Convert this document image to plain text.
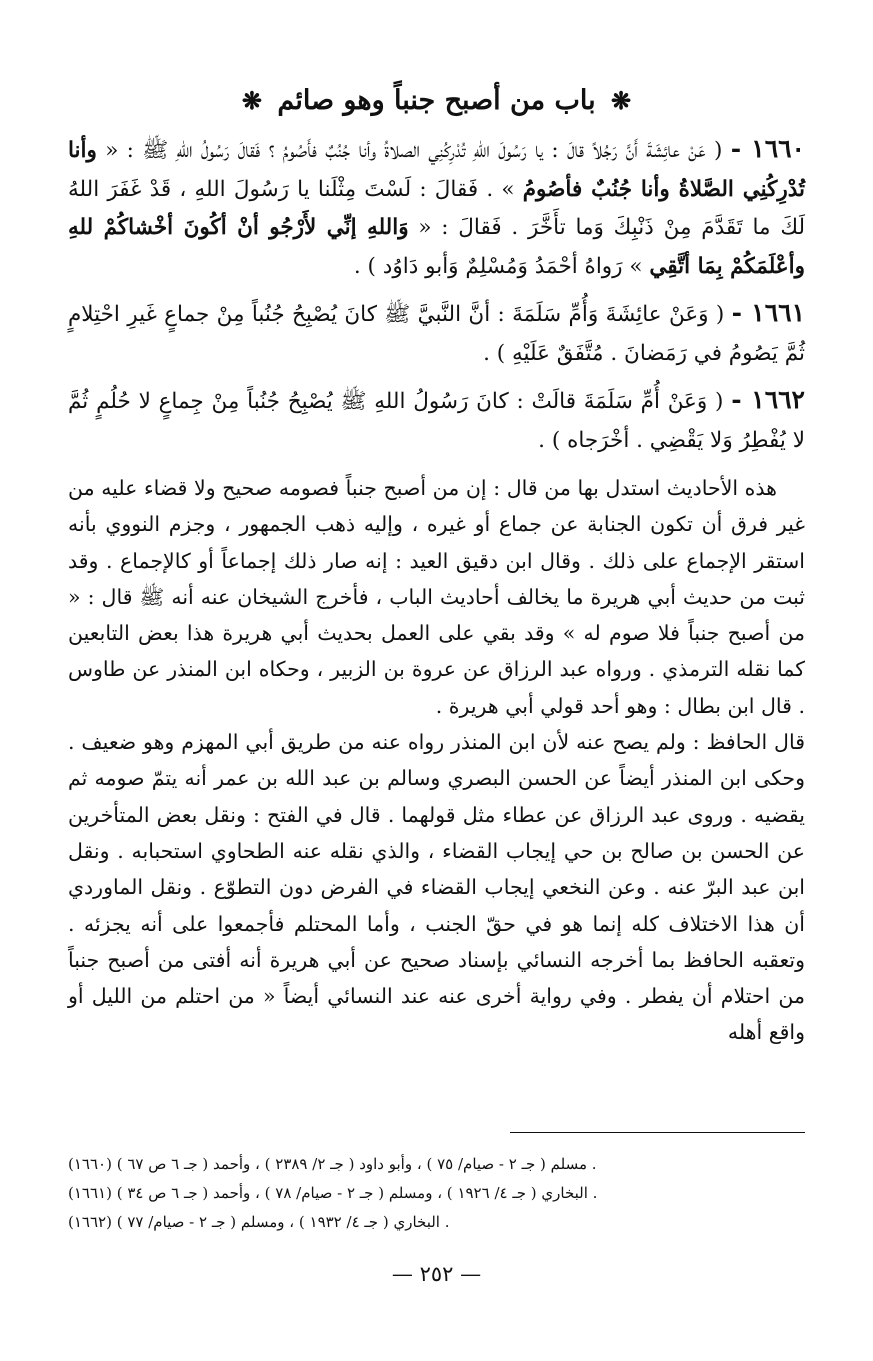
❋ باب من أصبح جنباً وهو صائم ❋

١٦٦٠ - ( عَنْ عائِشَةَ أَنَّ رَجُلاً قالَ : يا رَسُولَ اللهِ تُدْرِكُنِي الصلاةُ وأنا جُنُبٌ فأَصُومُ ؟ فَقالَ رَسُولُ اللهِ ﷺ : « وأنا تُدْرِكُنِي الصَّلاةُ وأنا جُنُبٌ فأصُومُ » . فَقالَ : لَسْتَ مِثْلَنا يا رَسُولَ اللهِ ، قَدْ غَفَرَ اللهُ لَكَ ما تَقَدَّمَ مِنْ ذَنْبِكَ وَما تأَخَّرَ . فَقالَ : « وَاللهِ إنِّي لأَرْجُو أنْ أكُونَ أخْشاكُمْ للهِ وأعْلَمَكُمْ بِمَا أتَّقِي » رَواهُ أحْمَدُ وَمُسْلِمٌ وَأبو دَاوُد ) .

١٦٦١ - ( وَعَنْ عائِشَةَ وَأُمِّ سَلَمَةَ : أنَّ النَّبيَّ ﷺ كانَ يُصْبِحُ جُنُباً مِنْ جماعٍ غَيرِ احْتِلامٍ ثُمَّ يَصُومُ في رَمَضانَ . مُتَّفَقٌ عَلَيْهِ ) .

١٦٦٢ - ( وَعَنْ أُمِّ سَلَمَةَ قالَتْ : كانَ رَسُولُ اللهِ ﷺ يُصْبِحُ جُنُباً مِنْ جِماعٍ لا حُلُمٍ ثُمَّ لا يُفْطِرُ وَلا يَقْضِي . أخْرَجاه ) .

هذه الأحاديث استدل بها من قال : إن من أصبح جنباً فصومه صحيح ولا قضاء عليه من غير فرق أن تكون الجنابة عن جماع أو غيره ، وإليه ذهب الجمهور ، وجزم النووي بأنه استقر الإجماع على ذلك . وقال ابن دقيق العيد : إنه صار ذلك إجماعاً أو كالإجماع . وقد ثبت من حديث أبي هريرة ما يخالف أحاديث الباب ، فأخرج الشيخان عنه أنه ﷺ قال : « من أصبح جنباً فلا صوم له » وقد بقي على العمل بحديث أبي هريرة هذا بعض التابعين كما نقله الترمذي . ورواه عبد الرزاق عن عروة بن الزبير ، وحكاه ابن المنذر عن طاوس . قال ابن بطال : وهو أحد قولي أبي هريرة .

قال الحافظ : ولم يصح عنه لأن ابن المنذر رواه عنه من طريق أبي المهزم وهو ضعيف . وحكى ابن المنذر أيضاً عن الحسن البصري وسالم بن عبد الله بن عمر أنه يتمّ صومه ثم يقضيه . وروى عبد الرزاق عن عطاء مثل قولهما . قال في الفتح : ونقل بعض المتأخرين عن الحسن بن صالح بن حي إيجاب القضاء ، والذي نقله عنه الطحاوي استحبابه . ونقل ابن عبد البرّ عنه . وعن النخعي إيجاب القضاء في الفرض دون التطوّع . ونقل الماوردي أن هذا الاختلاف كله إنما هو في حقّ الجنب ، وأما المحتلم فأجمعوا على أنه يجزئه . وتعقبه الحافظ بما أخرجه النسائي بإسناد صحيح عن أبي هريرة أنه أفتى من أصبح جنباً من احتلام أن يفطر . وفي رواية أخرى عنه عند النسائي أيضاً « من احتلم من الليل أو واقع أهله

(١٦٦٠) مسلم ( جـ ٢ - صيام/ ٧٥ ) ، وأبو داود ( جـ ٢/ ٢٣٨٩ ) ، وأحمد ( جـ ٦ ص ٦٧ ) .
(١٦٦١) البخاري ( جـ ٤/ ١٩٢٦ ) ، ومسلم ( جـ ٢ - صيام/ ٧٨ ) ، وأحمد ( جـ ٦ ص ٣٤ ) .
(١٦٦٢) البخاري ( جـ ٤/ ١٩٣٢ ) ، ومسلم ( جـ ٢ - صيام/ ٧٧ ) .
— ٢٥٢ —
